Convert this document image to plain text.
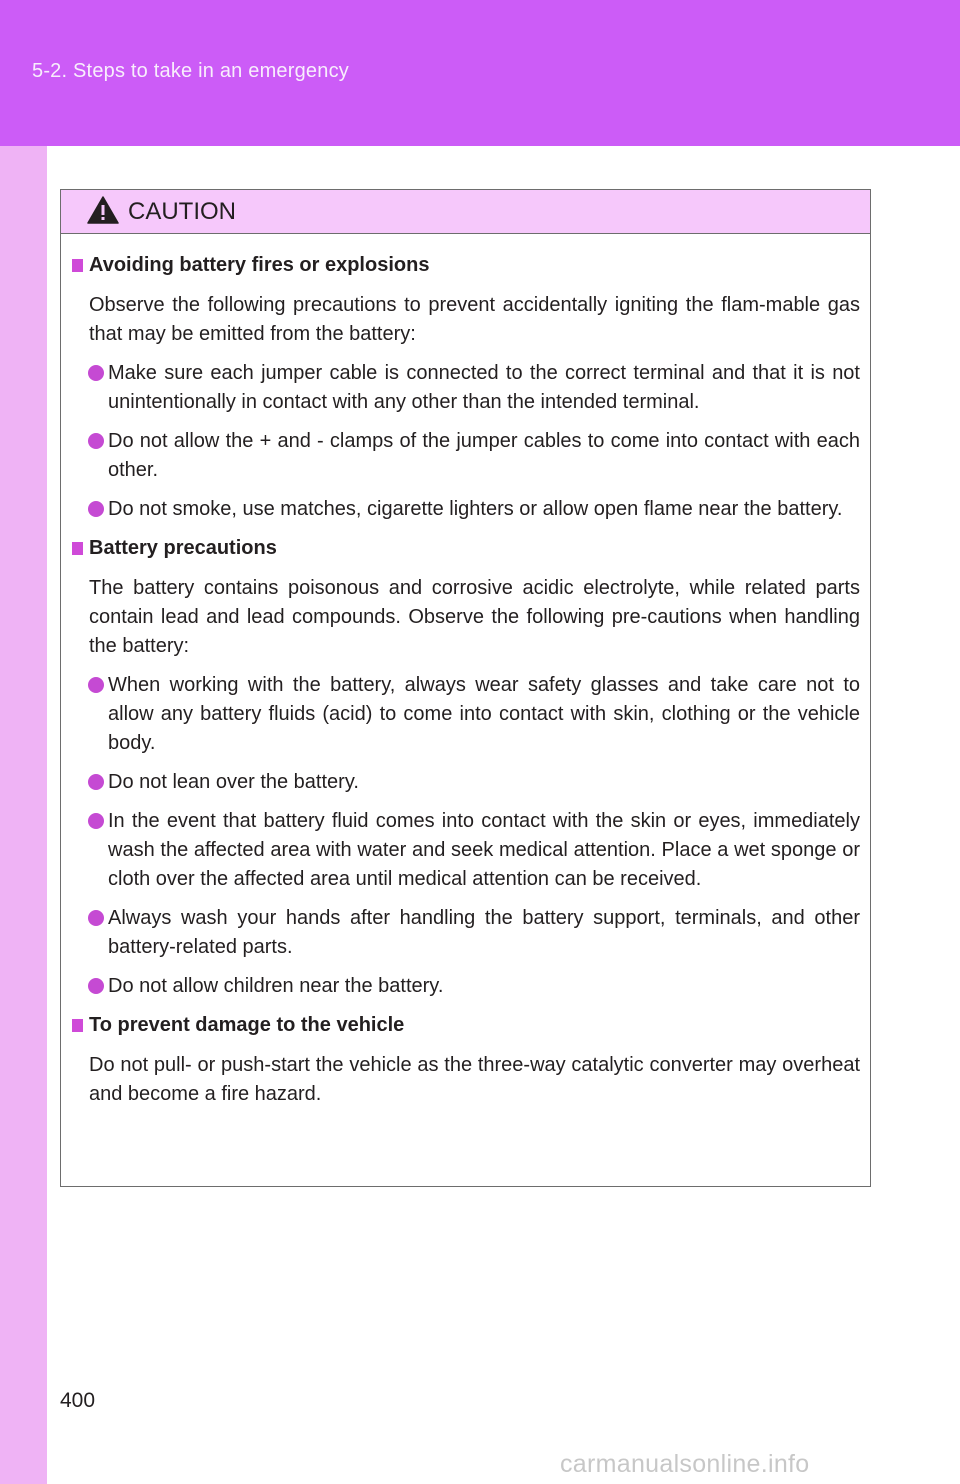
5-2. Steps to take in an emergency
CAUTION
Avoiding battery fires or explosions
Observe the following precautions to prevent accidentally igniting the flam-mable gas that may be emitted from the battery:
Make sure each jumper cable is connected to the correct terminal and that it is not unintentionally in contact with any other than the intended terminal.
Do not allow the + and - clamps of the jumper cables to come into contact with each other.
Do not smoke, use matches, cigarette lighters or allow open flame near the battery.
Battery precautions
The battery contains poisonous and corrosive acidic electrolyte, while related parts contain lead and lead compounds. Observe the following pre-cautions when handling the battery:
When working with the battery, always wear safety glasses and take care not to allow any battery fluids (acid) to come into contact with skin, clothing or the vehicle body.
Do not lean over the battery.
In the event that battery fluid comes into contact with the skin or eyes, immediately wash the affected area with water and seek medical attention. Place a wet sponge or cloth over the affected area until medical attention can be received.
Always wash your hands after handling the battery support, terminals, and other battery-related parts.
Do not allow children near the battery.
To prevent damage to the vehicle
Do not pull- or push-start the vehicle as the three-way catalytic converter may overheat and become a fire hazard.
400
carmanualsonline.info
